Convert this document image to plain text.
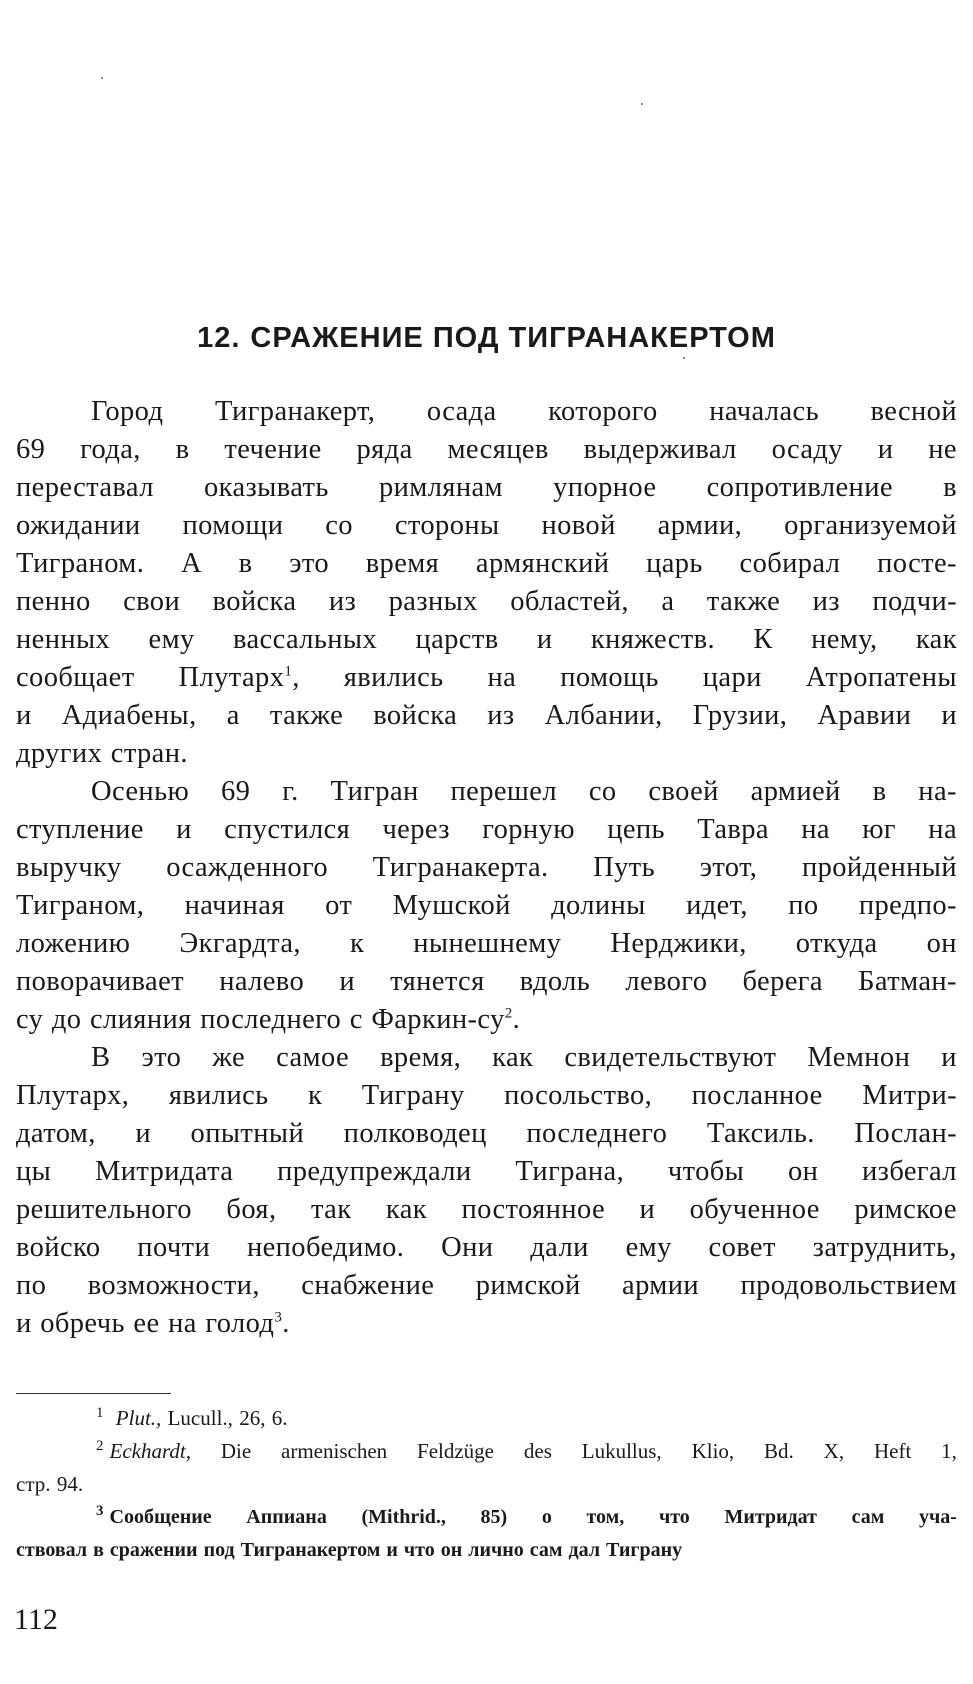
12. СРАЖЕНИЕ ПОД ТИГРАНАКЕРТОМ
Город Тигранакерт, осада которого началась весной
69 года, в течение ряда месяцев выдерживал осаду и не
переставал оказывать римлянам упорное сопротивление в
ожидании помощи со стороны новой армии, организуемой
Тиграном. А в это время армянский царь собирал посте-
пенно свои войска из разных областей, а также из подчи-
ненных ему вассальных царств и княжеств. К нему, как
сообщает Плутарх$^1$, явились на помощь цари Атропатены
и Адиабены, а также войска из Албании, Грузии, Аравии и
других стран.
Осенью 69 г. Тигран перешел со своей армией в на-
ступление и спустился через горную цепь Тавра на юг на
выручку осажденного Тигранакерта. Путь этот, пройденный
Тиграном, начиная от Мушской долины идет, по предпо-
ложению Экгардта, к нынешнему Нерджики, откуда он
поворачивает налево и тянется вдоль левого берега Батман-
су до слияния последнего с Фаркин-$су^2$.
В это же самое время, как свидетельствуют Мемнон и
Плутарх, явились к Тиграну посольство, посланное Митри-
датом, и опытный полководец последнего Таксиль. Послан-
цы Митридата предупреждали Тиграна, чтобы он избегал
решительного боя, так как постоянное и обученное римское
войско почти непобедимо. Они дали ему совет затруднить,
по возможности, снабжение римской армии продовольствием
и обречь ее на голод$^3$.
$^1$ Plut., Lucull., 26, 6.
$^2$ Eckhardt, Die armenischen Feldzüge des Lukullus, Klio, Bd. X, Heft 1,
стр. 94.
$^3$ Сообщение Аппиана (Mithrid., 85) о том, что Митридат сам уча-
ствовал в сражении под Тигранакертом и что он лично сам дал Тиграну
112
